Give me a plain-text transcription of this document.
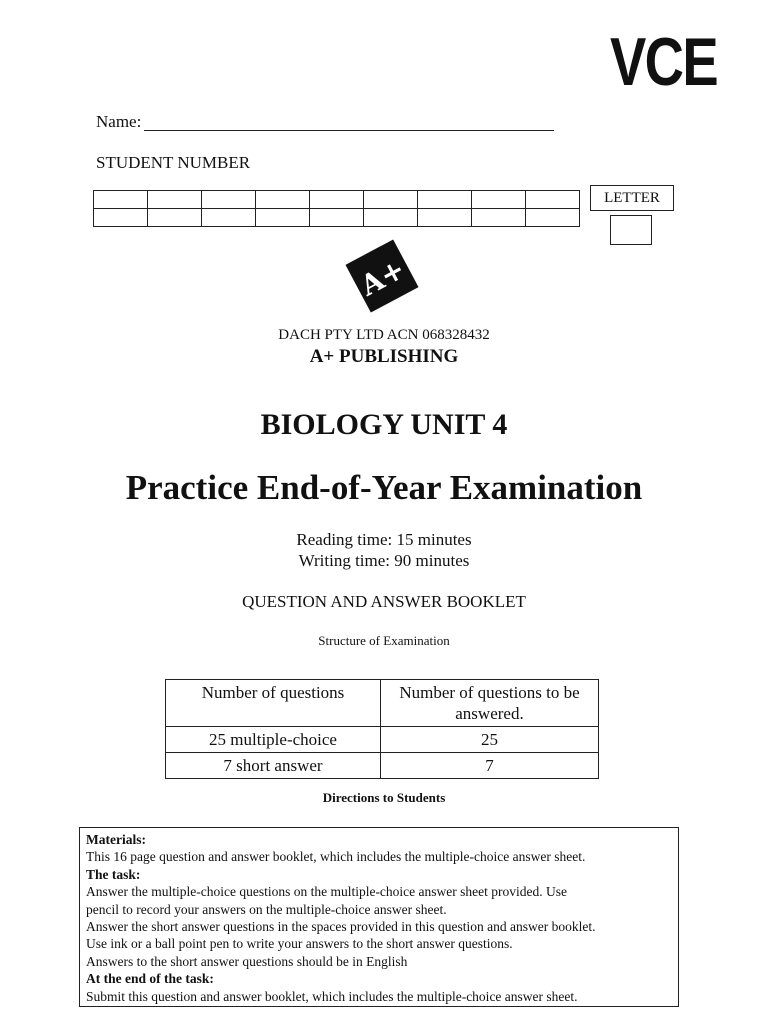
VCE
Name:
STUDENT NUMBER

LETTER
A+
DACH PTY LTD ACN 068328432
A+ PUBLISHING
BIOLOGY UNIT 4
Practice End-of-Year Examination
Reading time: 15 minutes
Writing time: 90 minutes
QUESTION AND ANSWER BOOKLET
Structure of Examination
Number of questions	Number of questions to be answered.
25 multiple-choice	25
7 short answer	7
Directions to Students
Materials:
This 16 page question and answer booklet, which includes the multiple-choice answer sheet.
The task:
Answer the multiple-choice questions on the multiple-choice answer sheet provided. Use
pencil to record your answers on the multiple-choice answer sheet.
Answer the short answer questions in the spaces provided in this question and answer booklet.
Use ink or a ball point pen to write your answers to the short answer questions.
Answers to the short answer questions should be in English
At the end of the task:
Submit this question and answer booklet, which includes the multiple-choice answer sheet.
